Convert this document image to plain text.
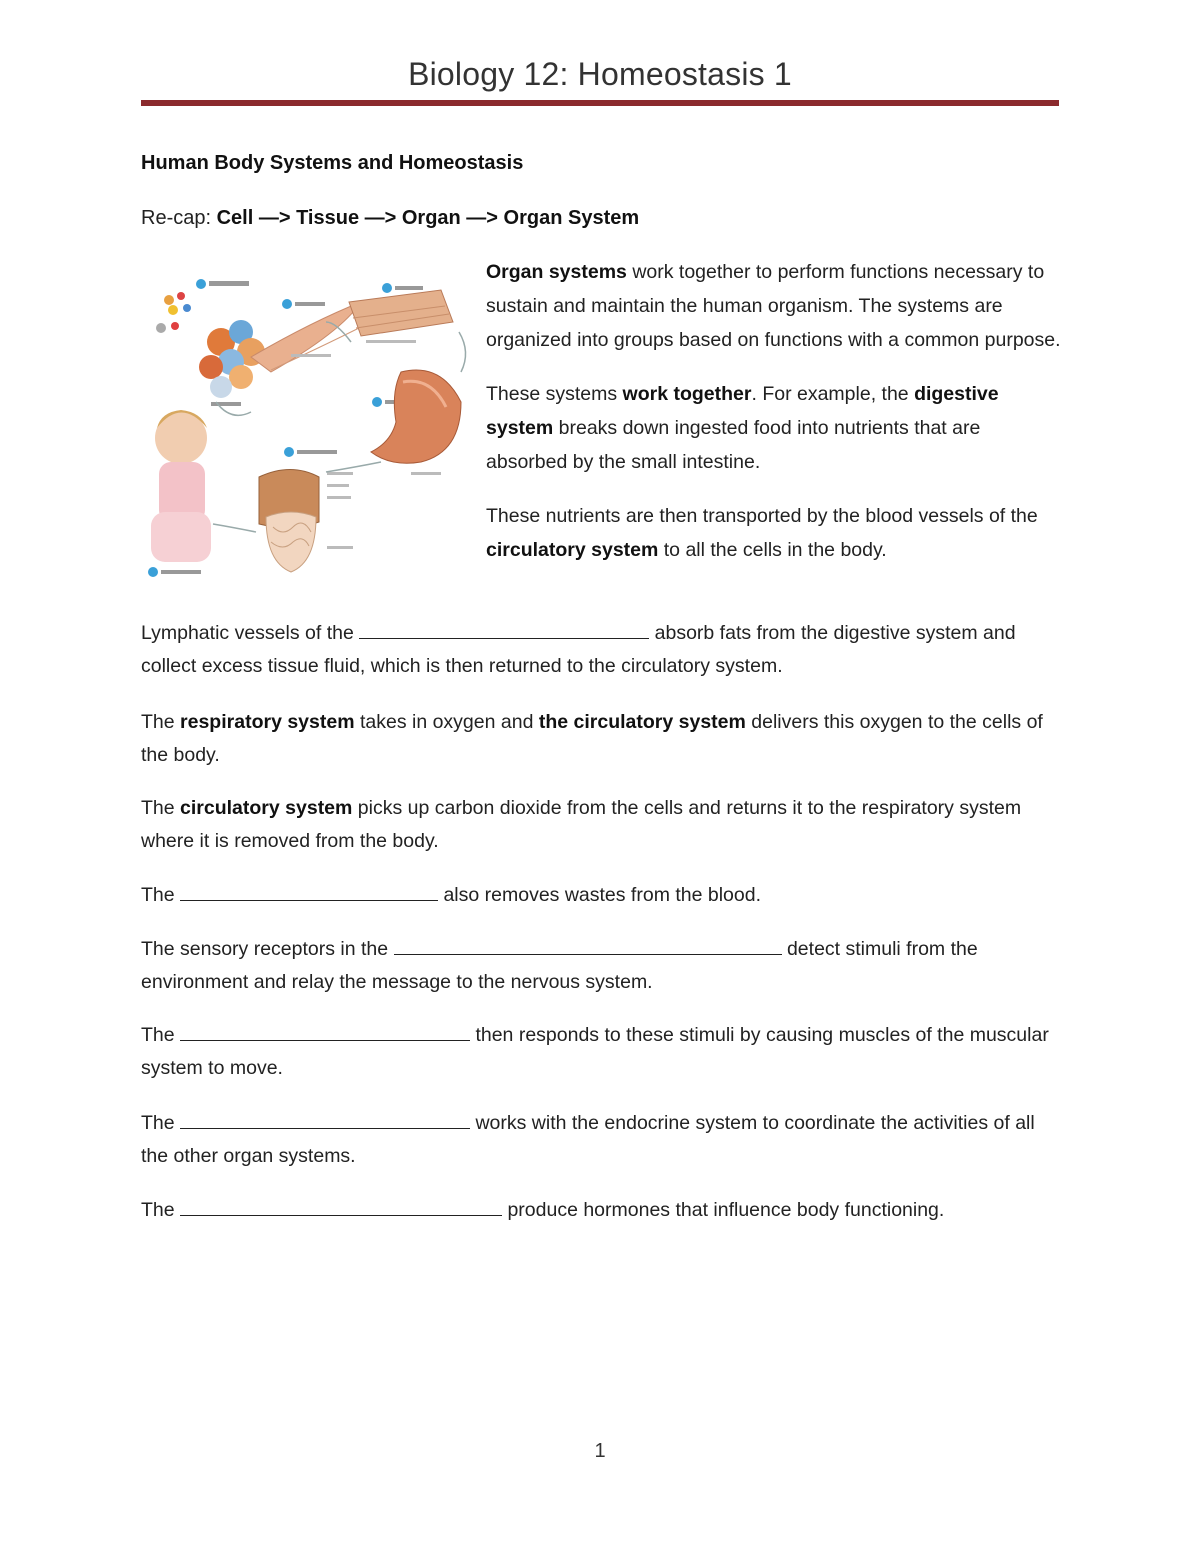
Biology 12: Homeostasis 1
Human Body Systems and Homeostasis
Re-cap: Cell —> Tissue —> Organ —> Organ System

Organ systems work together to perform functions necessary to sustain and maintain the human organism. The systems are organized into groups based on functions with a common purpose.

These systems work together. For example, the digestive system breaks down ingested food into nutrients that are absorbed by the small intestine.

These nutrients are then transported by the blood vessels of the circulatory system to all the cells in the body.

Lymphatic vessels of the	absorb fats from the digestive system and collect excess tissue fluid, which is then returned to the circulatory system.

The respiratory system takes in oxygen and the circulatory system delivers this oxygen to the cells of the body.

The circulatory system picks up carbon dioxide from the cells and returns it to the respiratory system where it is removed from the body.

The	also removes wastes from the blood.

The sensory receptors in the	detect stimuli from the environment and relay the message to the nervous system.

The	then responds to these stimuli by causing muscles of the muscular system to move.

The	works with the endocrine system to coordinate the activities of all the other organ systems.

The	produce hormones that influence body functioning.

1
